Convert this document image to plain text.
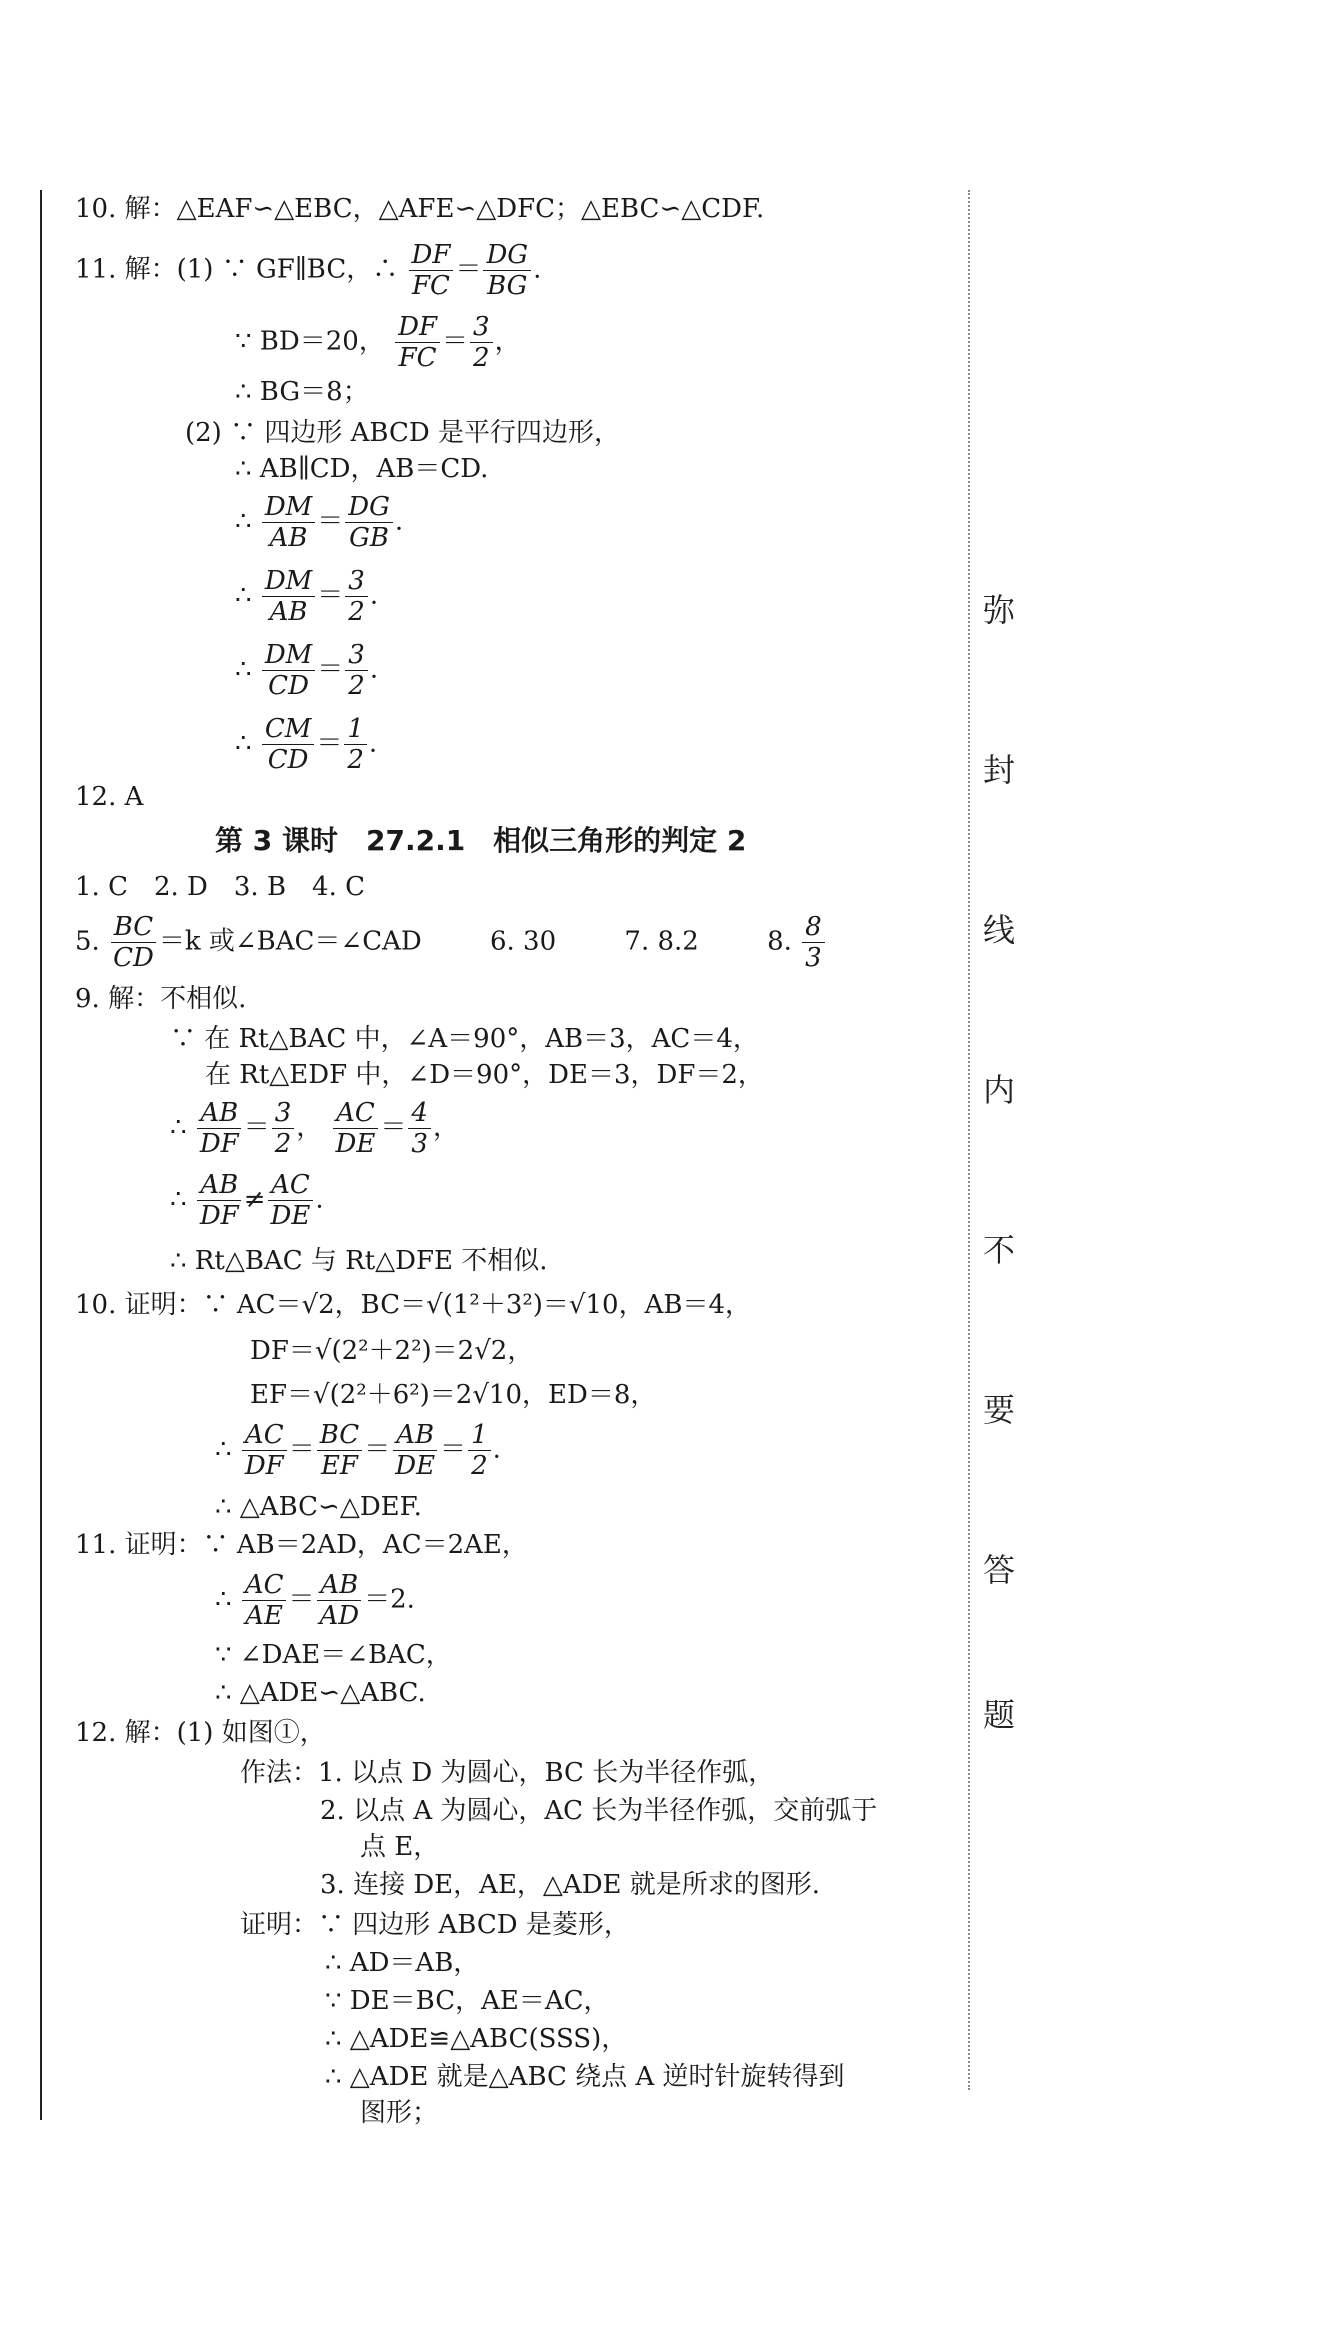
弥
封
线
内
不
要
答
题
10. 解：△EAF∽△EBC，△AFE∽△DFC；△EBC∽△CDF.
11. 解：(1) ∵ GF∥BC，∴ $\frac{DF}{FC} = \frac{DG}{BG}$ .
∵ BD＝20， $\frac{DF}{FC} = \frac{3}{2}$ ，
∴ BG＝8；
(2) ∵ 四边形 ABCD 是平行四边形，
∴ AB∥CD，AB＝CD.
∴ $\frac{DM}{AB} = \frac{DG}{GB}$ .
∴ $\frac{DM}{AB} = \frac{3}{2}$ .
∴ $\frac{DM}{CD} = \frac{3}{2}$ .
∴ $\frac{CM}{CD} = \frac{1}{2}$ .
12. A
第 3 课时　27.2.1　相似三角形的判定 2
1. C　2. D　3. B　4. C
5. $\frac{BC}{CD} =k$ 或∠BAC＝∠CAD	6. 30	7. 8.2	8. $\frac{8}{3}$
9. 解：不相似.
∵ 在 Rt△BAC 中，∠A＝90°，AB＝3，AC＝4，
在 Rt△EDF 中，∠D＝90°，DE＝3，DF＝2，
∴ $\frac{AB}{DF} = \frac{3}{2}$ ， $\frac{AC}{DE} = \frac{4}{3}$ ，
∴ $\frac{AB}{DF} \ne \frac{AC}{DE}$ .
∴ Rt△BAC 与 Rt△DFE 不相似.
10. 证明：∵ AC＝√2，BC＝√(1²＋3²)＝√10，AB＝4，
DF＝√(2²＋2²)＝2√2，
EF＝√(2²＋6²)＝2√10，ED＝8，
∴ $\frac{AC}{DF} = \frac{BC}{EF} = \frac{AB}{DE} = \frac{1}{2}$ .
∴ △ABC∽△DEF.
11. 证明：∵ AB＝2AD，AC＝2AE，
∴ $\frac{AC}{AE} = \frac{AB}{AD} =2$.
∵ ∠DAE＝∠BAC，
∴ △ADE∽△ABC.
12. 解：(1) 如图①，
作法：1. 以点 D 为圆心，BC 长为半径作弧，
2. 以点 A 为圆心，AC 长为半径作弧，交前弧于
点 E，
3. 连接 DE，AE，△ADE 就是所求的图形.
证明：∵ 四边形 ABCD 是菱形，
∴ AD＝AB，
∵ DE＝BC，AE＝AC，
∴ △ADE≌△ABC(SSS)，
∴ △ADE 就是△ABC 绕点 A 逆时针旋转得到
图形；
